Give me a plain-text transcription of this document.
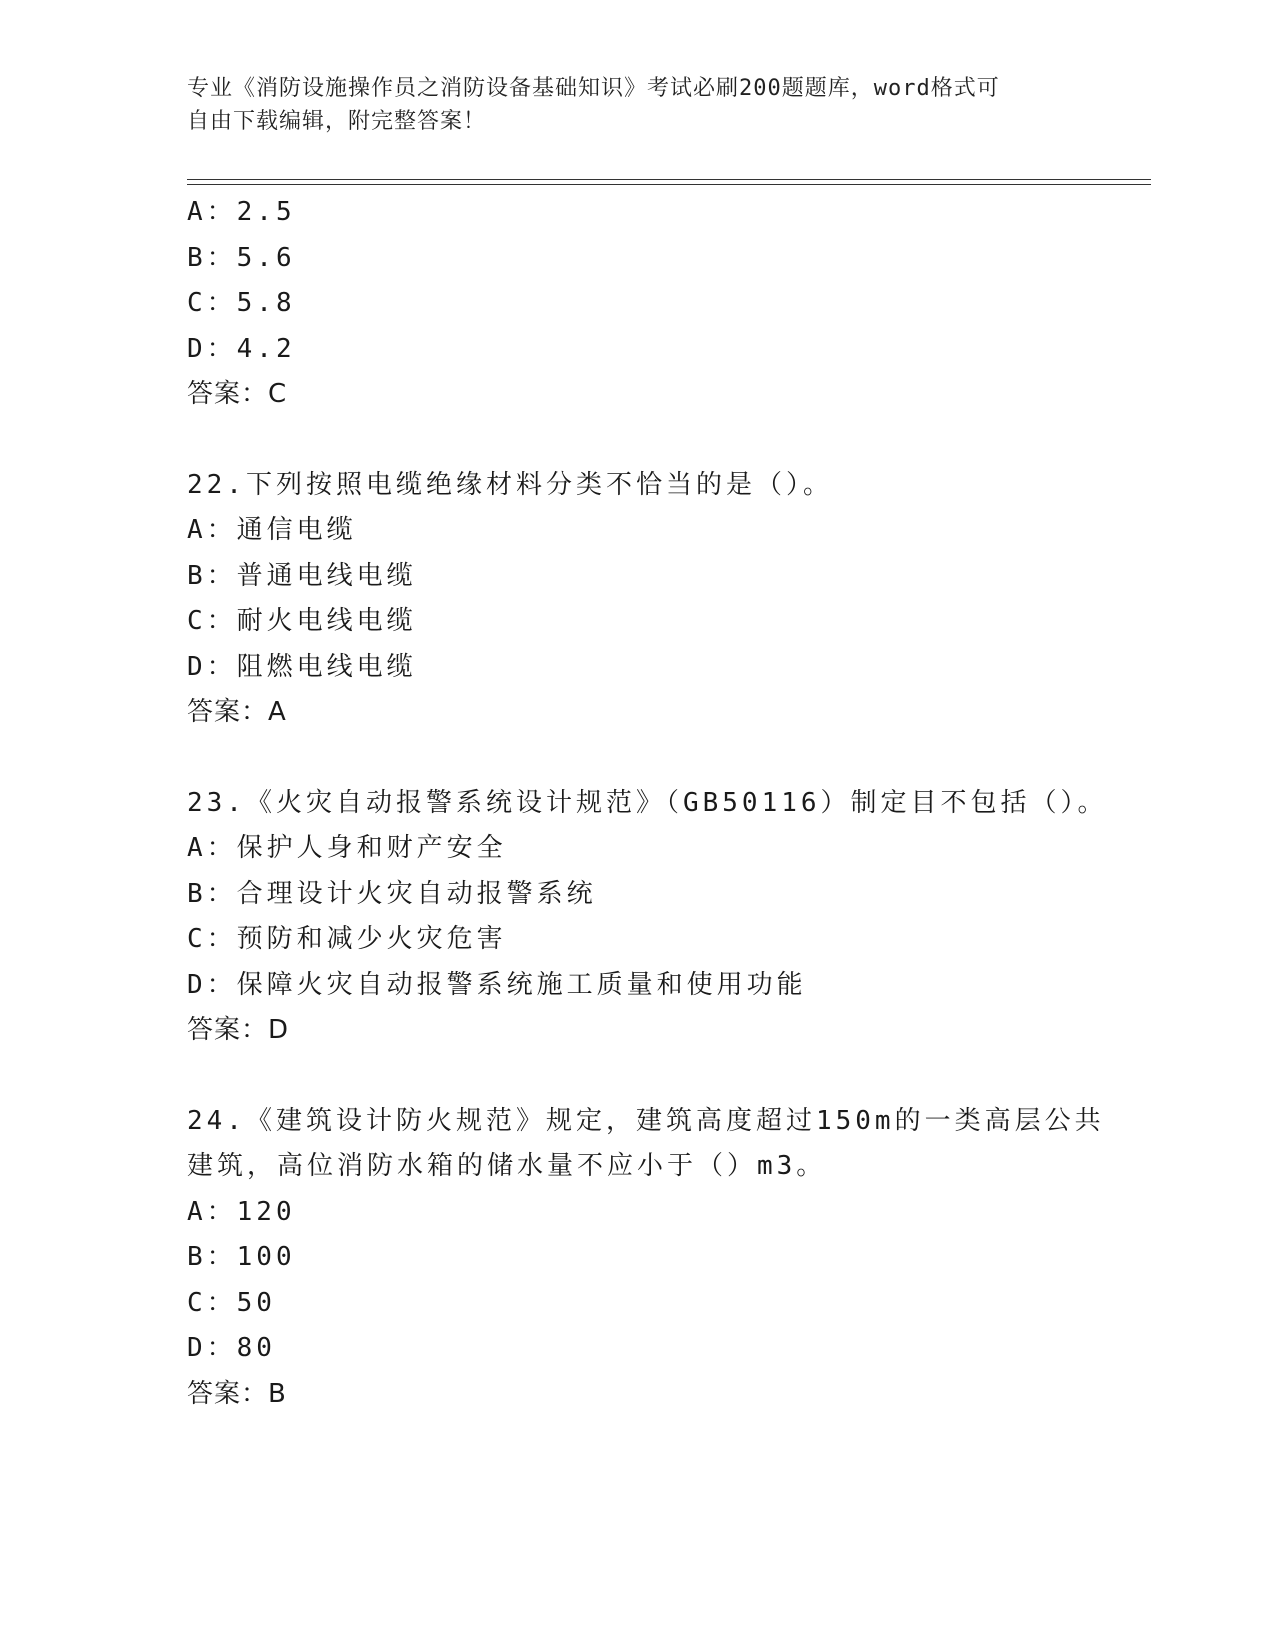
专业《消防设施操作员之消防设备基础知识》考试必刷200题题库，word格式可
自由下载编辑，附完整答案！
A：2.5
B：5.6
C：5.8
D：4.2
答案：C
22.下列按照电缆绝缘材料分类不恰当的是（）。
A：通信电缆
B：普通电线电缆
C：耐火电线电缆
D：阻燃电线电缆
答案：A
23.《火灾自动报警系统设计规范》（GB50116）制定目不包括（）。
A：保护人身和财产安全
B：合理设计火灾自动报警系统
C：预防和减少火灾危害
D：保障火灾自动报警系统施工质量和使用功能
答案：D
24.《建筑设计防火规范》规定，建筑高度超过150m的一类高层公共
建筑，高位消防水箱的储水量不应小于（）m3。
A：120
B：100
C：50
D：80
答案：B
